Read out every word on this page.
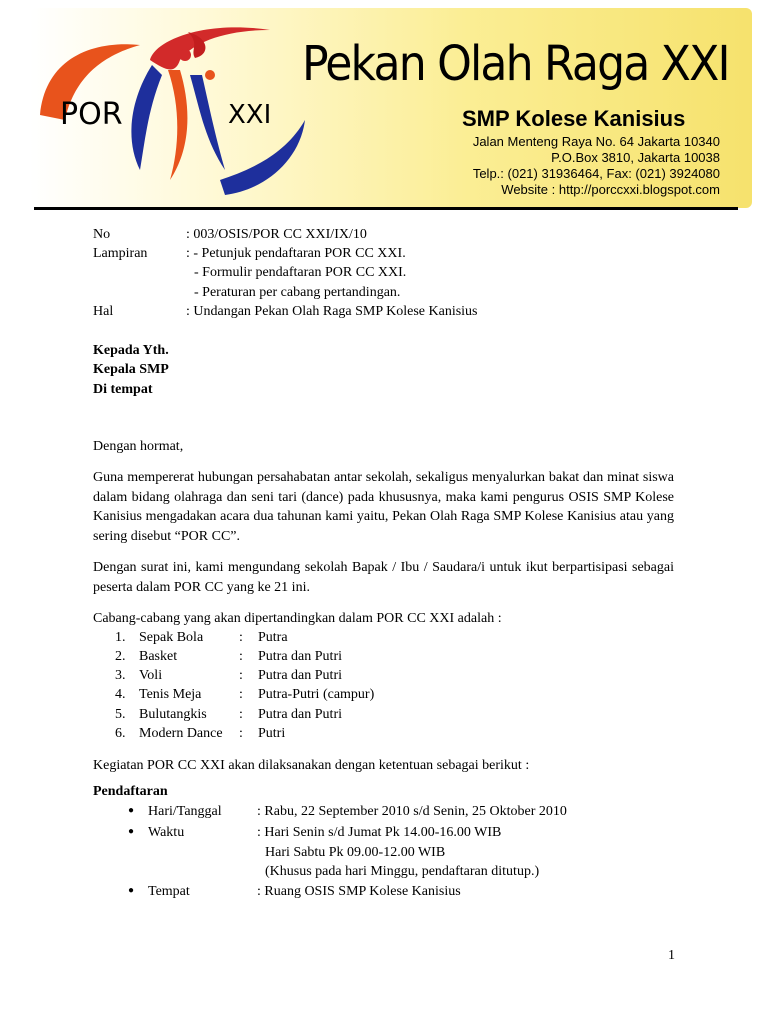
POR	XXI
Pekan Olah Raga XXI
SMP Kolese Kanisius
Jalan Menteng Raya No. 64 Jakarta 10340
P.O.Box 3810, Jakarta 10038
Telp.: (021) 31936464, Fax: (021) 3924080
Website : http://porccxxi.blogspot.com
No	: 003/OSIS/POR CC XXI/IX/10
Lampiran	: - Petunjuk pendaftaran POR CC XXI.
- Formulir pendaftaran POR CC XXI.
- Peraturan per cabang pertandingan.
Hal	: Undangan Pekan Olah Raga SMP Kolese Kanisius
Kepada Yth.
Kepala SMP
Di tempat
Dengan hormat,
Guna mempererat hubungan persahabatan antar sekolah, sekaligus menyalurkan bakat dan minat siswa dalam bidang olahraga dan seni tari (dance) pada khususnya, maka kami pengurus OSIS SMP Kolese Kanisius mengadakan acara dua tahunan kami yaitu, Pekan Olah Raga SMP Kolese Kanisius atau yang sering disebut “POR CC”.
Dengan surat ini, kami mengundang sekolah Bapak / Ibu / Saudara/i untuk ikut berpartisipasi sebagai peserta dalam POR CC yang ke 21 ini.
Cabang-cabang yang akan dipertandingkan dalam POR CC XXI adalah :
1. Sepak Bola	: Putra
2. Basket	: Putra dan Putri
3. Voli	: Putra dan Putri
4. Tenis Meja	: Putra-Putri (campur)
5. Bulutangkis : Putra dan Putri
6. Modern Dance : Putri
Kegiatan POR CC XXI akan dilaksanakan dengan ketentuan sebagai berikut :
Pendaftaran
● Hari/Tanggal	: Rabu, 22 September 2010 s/d Senin, 25 Oktober 2010
● Waktu	: Hari Senin s/d Jumat Pk 14.00-16.00 WIB
Hari Sabtu Pk 09.00-12.00 WIB
(Khusus pada hari Minggu, pendaftaran ditutup.)
● Tempat	: Ruang OSIS SMP Kolese Kanisius
1
